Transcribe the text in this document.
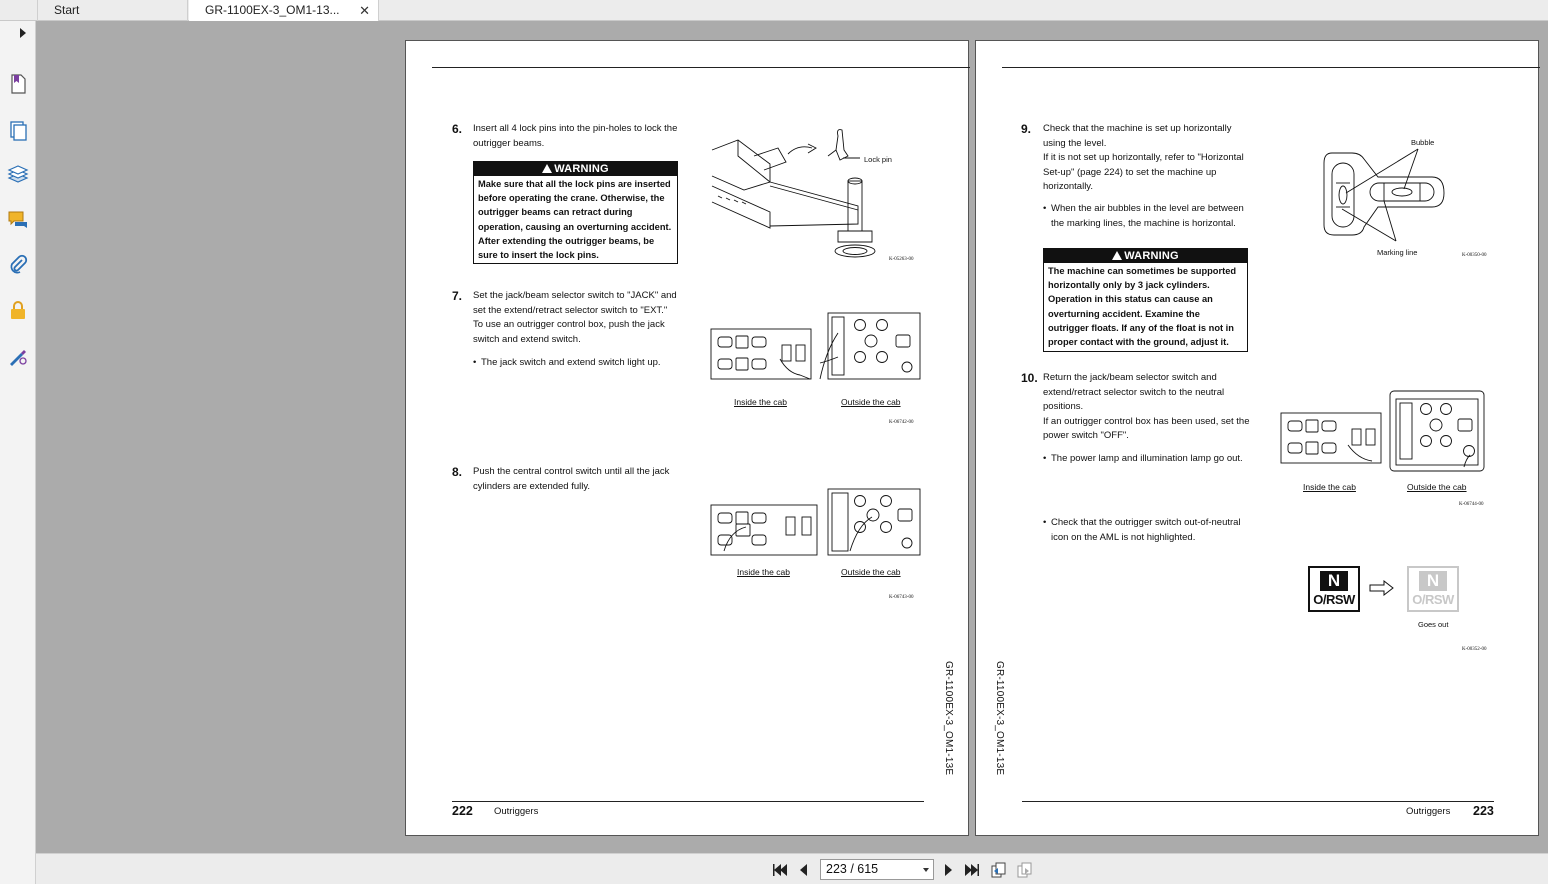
Start	GR-1100EX-3_OM1-13... ✕
6. Insert all 4 lock pins into the pin-holes to lock the
outrigger beams.
WARNING
Make sure that all the lock pins are inserted
before operating the crane. Otherwise, the
outrigger beams can retract during
operation, causing an overturning accident.
After extending the outrigger beams, be
sure to insert the lock pins.
Lock pin
K-05263-00
7. Set the jack/beam selector switch to "JACK" and
set the extend/retract selector switch to "EXT."
To use an outrigger control box, push the jack
switch and extend switch.
• The jack switch and extend switch light up.
Inside the cab	Outside the cab
K-06742-00
8. Push the central control switch until all the jack
cylinders are extended fully.
Inside the cab	Outside the cab
K-06743-00
GR-1100EX-3_OM1-13E
222 Outriggers
GR-1100EX-3_OM1-13E
9. Check that the machine is set up horizontally
using the level.
If it is not set up horizontally, refer to "Horizontal
Set-up" (page 224) to set the machine up
horizontally.
• When the air bubbles in the level are between
the marking lines, the machine is horizontal.
WARNING
The machine can sometimes be supported
horizontally only by 3 jack cylinders.
Operation in this status can cause an
overturning accident. Examine the
outrigger floats. If any of the float is not in
proper contact with the ground, adjust it.
Bubble
Marking line	K-00350-00
10. Return the jack/beam selector switch and
extend/retract selector switch to the neutral
positions.
If an outrigger control box has been used, set the
power switch "OFF".
• The power lamp and illumination lamp go out.
Inside the cab	Outside the cab
K-06744-00
• Check that the outrigger switch out-of-neutral
icon on the AML is not highlighted.
N
O/RSW
N
O/RSW
Goes out
K-00352-00
Outriggers 223
223 / 615
